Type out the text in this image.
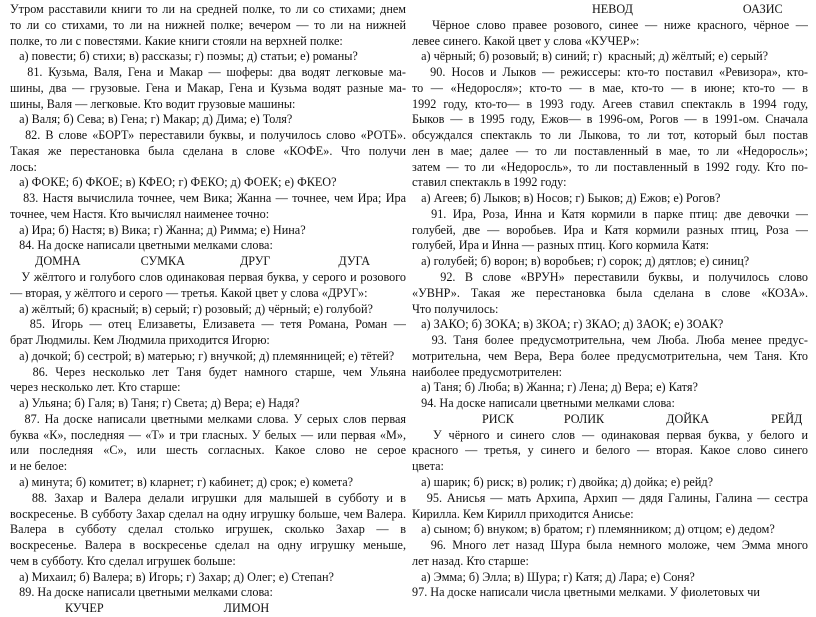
Утром расставили книги то ли на средней полке, то ли со стихами; днем
то ли со стихами, то ли на нижней полке; вечером — то ли на нижней
полке, то ли с повестями. Какие книги стояли на верхней полке:
а) повести; б) стихи; в) рассказы; г) поэмы; д) статьи; е) романы?
81. Кузьма, Валя, Гена и Макар — шоферы: два водят легковые ма-
шины, два — грузовые. Гена и Макар, Гена и Кузьма водят разные ма-
шины, Валя — легковые. Кто водит грузовые машины:
а) Валя; б) Сева; в) Гена; г) Макар; д) Дима; е) Толя?
82. В слове «БОРТ» переставили буквы, и получилось слово «РОТБ».
Такая же перестановка была сделана в слове «КОФЕ». Что получи
лось:
а) ФОКЕ; б) ФКОЕ; в) КФЕО; г) ФЕКО; д) ФОЕК; е) ФКЕО?
83. Настя вычислила точнее, чем Вика; Жанна — точнее, чем Ира; Ира
точнее, чем Настя. Кто вычислял наименее точно:
а) Ира; б) Настя; в) Вика; г) Жанна; д) Римма; е) Нина?
84. На доске написали цветными мелками слова:
ДОМНА	СУМКА	ДРУГ	ДУГА
У жёлтого и голубого слов одинаковая первая буква, у серого и розового
— вторая, у жёлтого и серого — третья. Какой цвет у слова «ДРУГ»:
а) жёлтый; б) красный; в) серый; г) розовый; д) чёрный; е) голубой?
85. Игорь — отец Елизаветы, Елизавета — тетя Романа, Роман —
брат Людмилы. Кем Людмила приходится Игорю:
а) дочкой; б) сестрой; в) матерью; г) внучкой; д) племянницей; е) тётей?
86. Через несколько лет Таня будет намного старше, чем Ульяна
через несколько лет. Кто старше:
а) Ульяна; б) Галя; в) Таня; г) Света; д) Вера; е) Надя?
87. На доске написали цветными мелками слова. У серых слов первая
буква «К», последняя — «Т» и три гласных. У белых — или первая «М»,
или последняя «С», или шесть согласных. Какое слово не серое
и не белое:
а) минута; б) комитет; в) кларнет; г) кабинет; д) срок; е) комета?
88. Захар и Валера делали игрушки для малышей в субботу и в
воскресенье. В субботу Захар сделал на одну игрушку больше, чем Валера.
Валера в субботу сделал столько игрушек, сколько Захар — в
воскресенье. Валера в воскресенье сделал на одну игрушку меньше,
чем в субботу. Кто сделал игрушек больше:
а) Михаил; б) Валера; в) Игорь; г) Захар; д) Олег; е) Степан?
89. На доске написали цветными мелками слова:
КУЧЕР	ЛИМОН
НЕВОД	ОАЗИС
Чёрное слово правее розового, синее — ниже красного, чёрное —
левее синего. Какой цвет у слова «КУЧЕР»:
а) чёрный; б) розовый; в) синий; г)  красный; д) жёлтый; е) серый?
90. Носов и Лыков — режиссеры: кто-то поставил «Ревизора», кто-
то — «Недоросля»; кто-то — в мае, кто-то — в июне; кто-то — в
1992 году, кто-то— в 1993 году. Агеев ставил спектакль в 1994 году,
Быков — в 1995 году, Ежов— в 1996-ом, Рогов — в 1991-ом. Сначала
обсуждался спектакль то ли Лыкова, то ли тот, который был постав
лен в мае; далее — то ли поставленный в мае, то ли «Недоросль»;
затем — то ли «Недоросль», то ли поставленный в 1992 году. Кто по-
ставил спектакль в 1992 году:
а) Агеев; б) Лыков; в) Носов; г) Быков; д) Ежов; е) Рогов?
91. Ира, Роза, Инна и Катя кормили в парке птиц: две девочки —
голубей, две — воробьев. Ира и Катя кормили разных птиц, Роза —
голубей, Ира и Инна — разных птиц. Кого кормила Катя:
а) голубей; б) ворон; в) воробьев; г) сорок; д) дятлов; е) синиц?
92. В слове «ВРУН» переставили буквы, и получилось слово
«УВНР». Такая же перестановка была сделана в слове «КОЗА».
Что получилось:
а) ЗАКО; б) ЗОКА; в) ЗКОА; г) ЗКАО; д) ЗАОК; е) ЗОАК?
93. Таня более предусмотрительна, чем Люба. Люба менее предус-
мотрительна, чем Вера, Вера более предусмотрительна, чем Таня. Кто
наиболее предусмотрителен:
а) Таня; б) Люба; в) Жанна; г) Лена; д) Вера; е) Катя?
94. На доске написали цветными мелками слова:
РИСК	РОЛИК	ДОЙКА	РЕЙД
У чёрного и синего слов — одинаковая первая буква, у белого и
красного — третья, у синего и белого — вторая. Какое слово синего
цвета:
а) шарик; б) риск; в) ролик; г) двойка; д) дойка; е) рейд?
95. Анисья — мать Архипа, Архип — дядя Галины, Галина — сестра
Кирилла. Кем Кирилл приходится Анисье:
а) сыном; б) внуком; в) братом; г) племянником; д) отцом; е) дедом?
96. Много лет назад Шура была немного моложе, чем Эмма много
лет назад. Кто старше:
а) Эмма; б) Элла; в) Шура; г) Катя; д) Лара; е) Соня?
97. На доске написали числа цветными мелками. У фиолетовых чи
